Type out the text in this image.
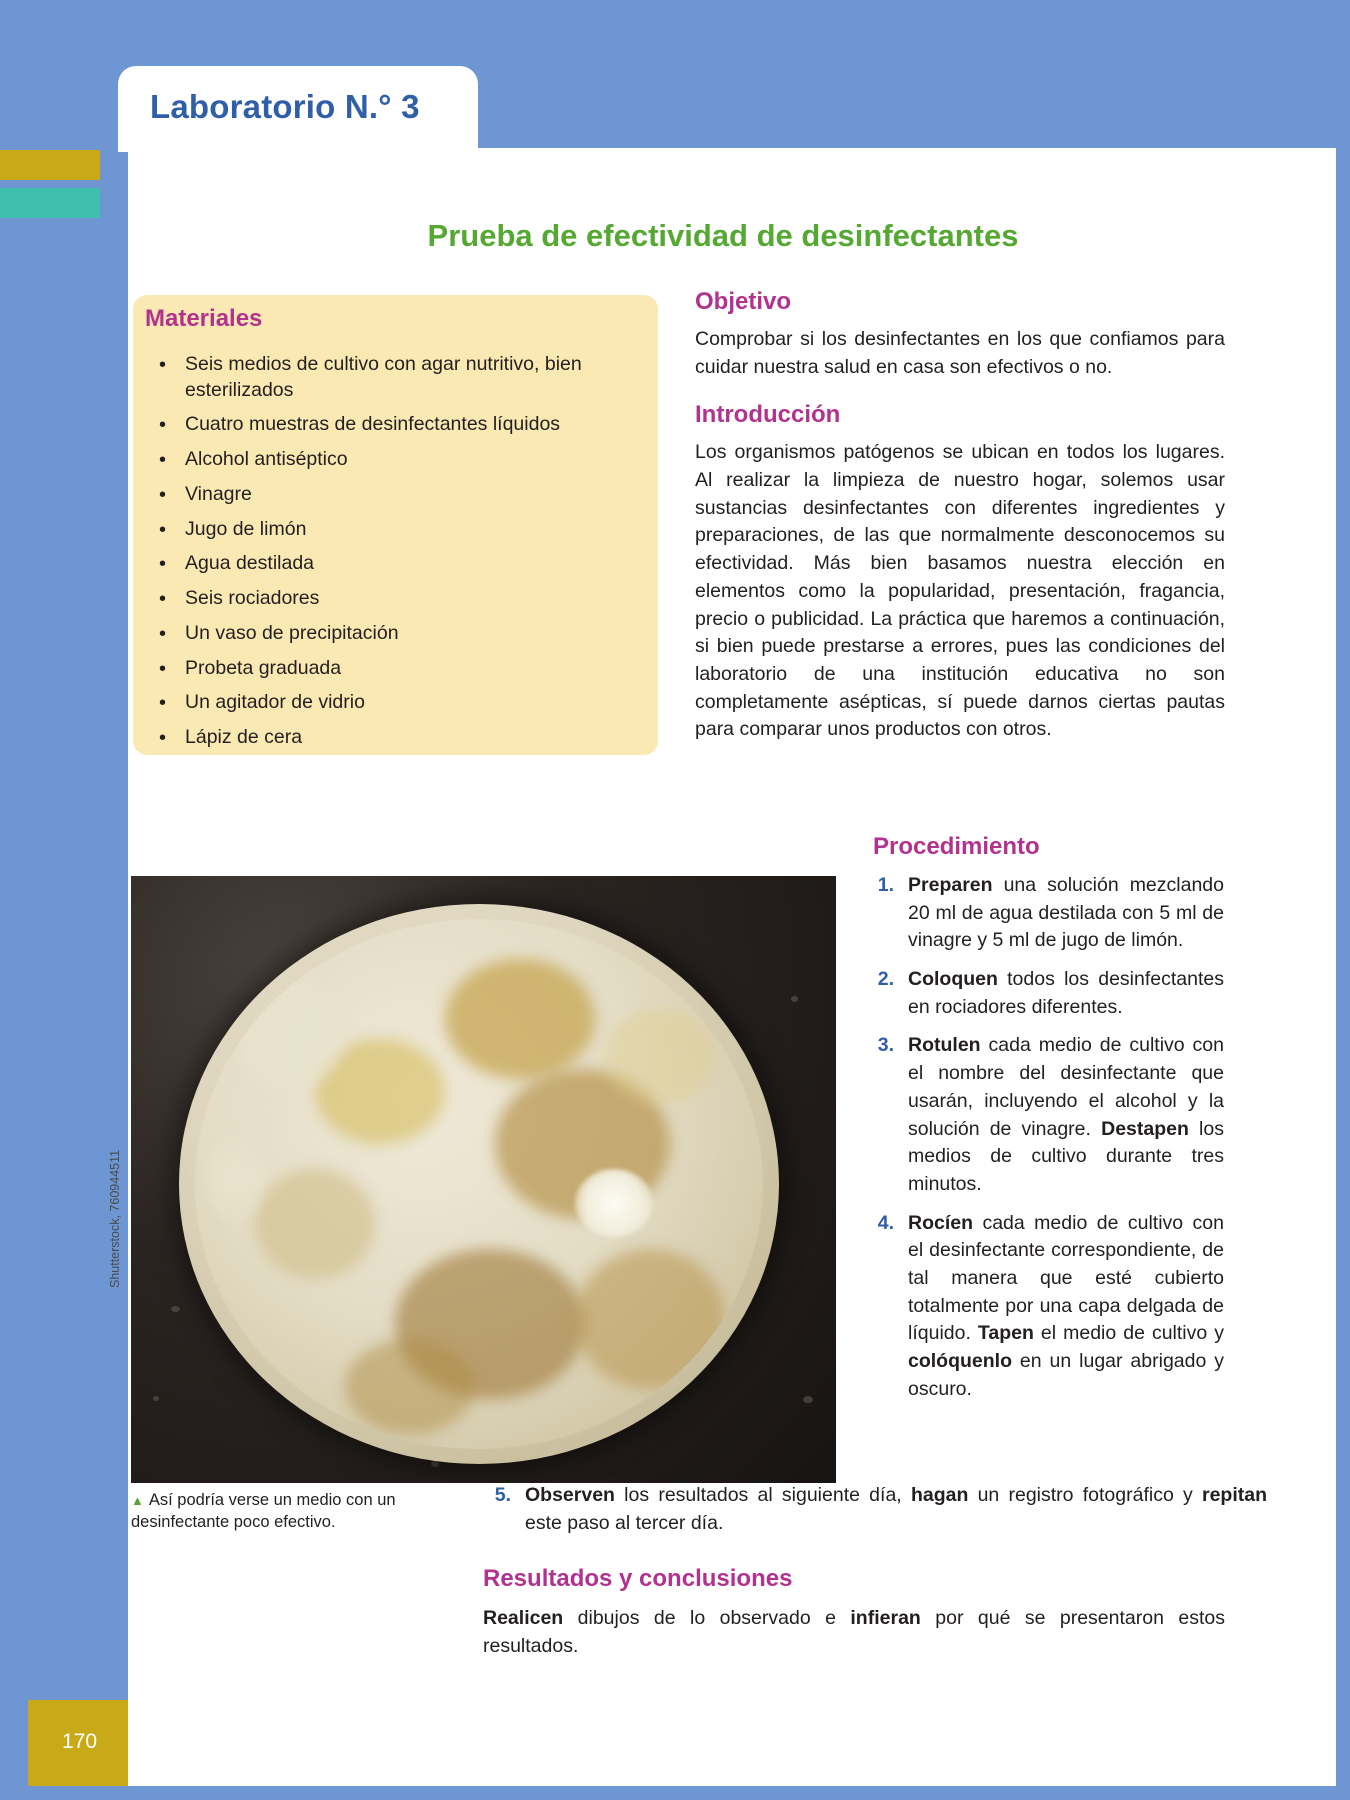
Laboratorio N.° 3
Prueba de efectividad de desinfectantes
Materiales
• Seis medios de cultivo con agar nutritivo, bien esterilizados
• Cuatro muestras de desinfectantes líquidos
• Alcohol antiséptico
• Vinagre
• Jugo de limón
• Agua destilada
• Seis rociadores
• Un vaso de precipitación
• Probeta graduada
• Un agitador de vidrio
• Lápiz de cera
Objetivo

Comprobar si los desinfectantes en los que confiamos para cuidar nuestra salud en casa son efectivos o no.

Introducción

Los organismos patógenos se ubican en todos los lugares. Al realizar la limpieza de nuestro hogar, solemos usar sustancias desinfectantes con diferentes ingredientes y preparaciones, de las que normalmente desconocemos su efectividad. Más bien basamos nuestra elección en elementos como la popularidad, presentación, fragancia, precio o publicidad. La práctica que haremos a continuación, si bien puede prestarse a errores, pues las condiciones del laboratorio de una institución educativa no son completamente asépticas, sí puede darnos ciertas pautas para comparar unos productos con otros.

Procedimiento
1. Preparen una solución mezclando 20 ml de agua destilada con 5 ml de vinagre y 5 ml de jugo de limón.
2. Coloquen todos los desinfectantes en rociadores diferentes.
3. Rotulen cada medio de cultivo con el nombre del desinfectante que usarán, incluyendo el alcohol y la solución de vinagre. Destapen los medios de cultivo durante tres minutos.
4. Rocíen cada medio de cultivo con el desinfectante correspondiente, de tal manera que esté cubierto totalmente por una capa delgada de líquido. Tapen el medio de cultivo y colóquenlo en un lugar abrigado y oscuro.
Shutterstock, 760944511
▲ Así podría verse un medio con un desinfectante poco efectivo.
5. Observen los resultados al siguiente día, hagan un registro fotográfico y repitan este paso al tercer día.
Resultados y conclusiones
Realicen dibujos de lo observado e infieran por qué se presentaron estos resultados.
170
